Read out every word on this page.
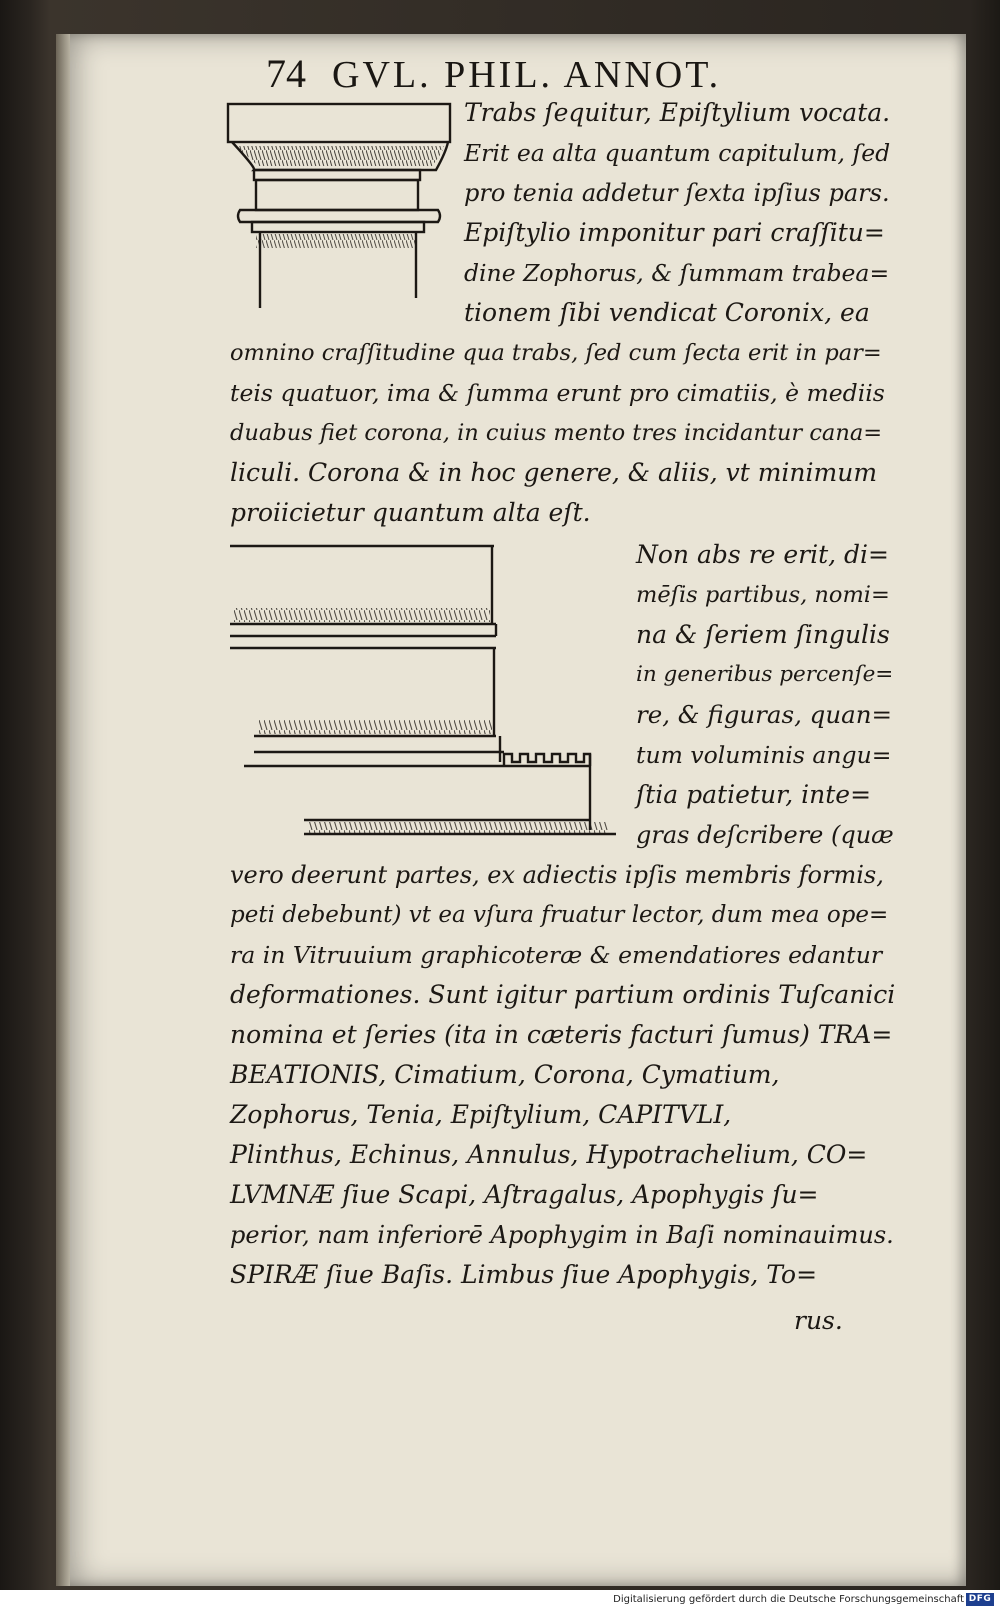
74 GVL. PHIL. ANNOT.
Trabs ſequitur, Epiſtylium vocata.
Erit ea alta quantum capitulum, ſed
pro tenia addetur ſexta ipſius pars.
Epiſtylio imponitur pari craſſitu=
dine Zophorus, & ſummam trabea=
tionem ſibi vendicat Coronix, ea
omnino craſſitudine qua trabs, ſed cum ſecta erit in par=
teis quatuor, ima & ſumma erunt pro cimatiis, è mediis
duabus fiet corona, in cuius mento tres incidantur cana=
liculi. Corona & in hoc genere, & aliis, vt minimum
proiicietur quantum alta eſt.
Non abs re erit, di=
mēſis partibus, nomi=
na & ſeriem ſingulis
in generibus percenſe=
re, & figuras, quan=
tum voluminis angu=
ſtia patietur, inte=
gras deſcribere (quæ
vero deerunt partes, ex adiectis ipſis membris formis,
peti debebunt) vt ea vſura fruatur lector, dum mea ope=
ra in Vitruuium graphicoteræ & emendatiores edantur
deformationes. Sunt igitur partium ordinis Tuſcanici
nomina et ſeries (ita in cæteris facturi ſumus) TRA=
BEATIONIS, Cimatium, Corona, Cymatium,
Zophorus, Tenia, Epiſtylium, CAPITVLI,
Plinthus, Echinus, Annulus, Hypotrachelium, CO=
LVMNÆ ſiue Scapi, Aſtragalus, Apophygis ſu=
perior, nam inferiorē Apophygim in Baſi nominauimus.
SPIRÆ ſiue Baſis. Limbus ſiue Apophygis, To=
rus.
Digitalisierung gefördert durch die Deutsche Forschungsgemeinschaft DFG
